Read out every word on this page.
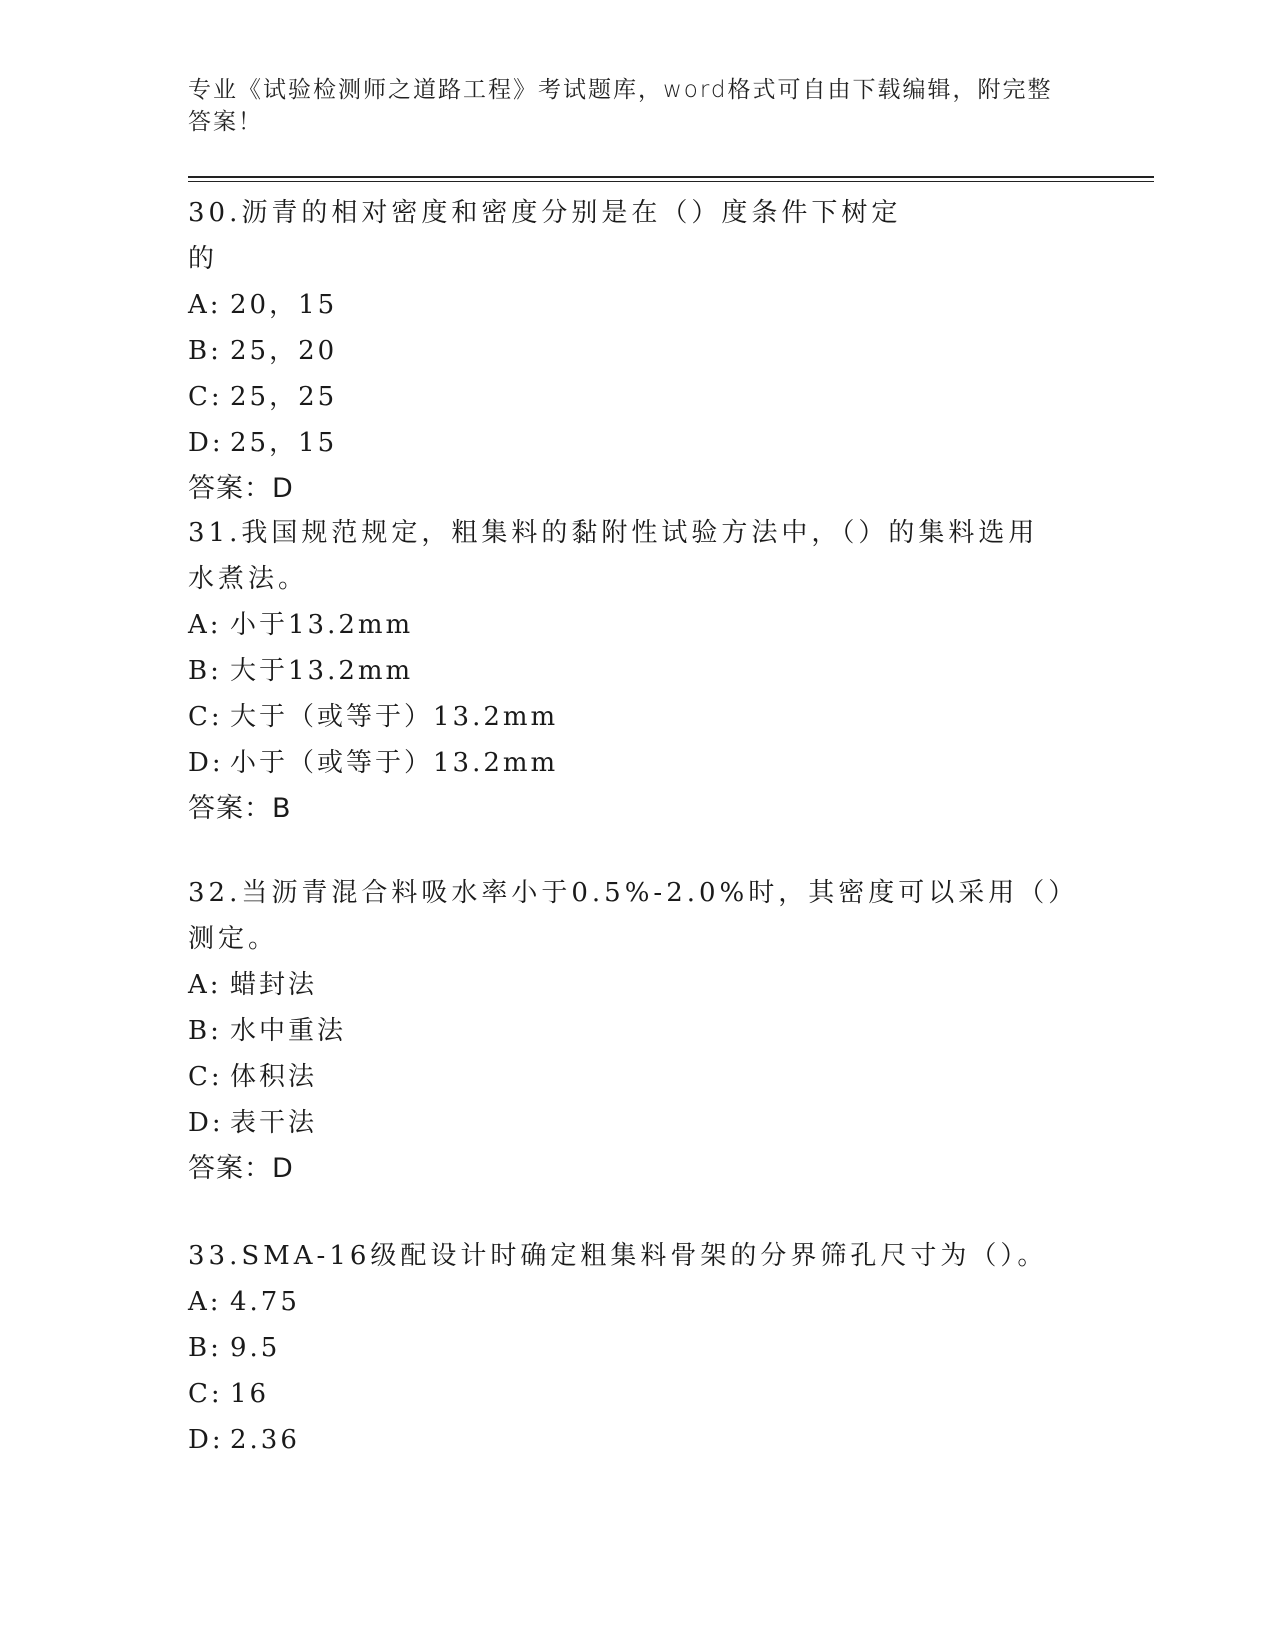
专业《试验检测师之道路工程》考试题库，word格式可自由下载编辑，附完整答案！

30.沥青的相对密度和密度分别是在（）度条件下树定的

A: 20，15

B: 25，20

C: 25，25

D: 25，15

答案：D

31.我国规范规定，粗集料的黏附性试验方法中，（）的集料选用水煮法。

A: 小于13.2mm

B: 大于13.2mm

C: 大于（或等于）13.2mm

D: 小于（或等于）13.2mm

答案：B

32.当沥青混合料吸水率小于0.5%-2.0%时，其密度可以采用（）测定。

A: 蜡封法

B: 水中重法

C: 体积法

D: 表干法

答案：D

33.SMA-16级配设计时确定粗集料骨架的分界筛孔尺寸为（）。

A: 4.75

B: 9.5

C: 16

D: 2.36
